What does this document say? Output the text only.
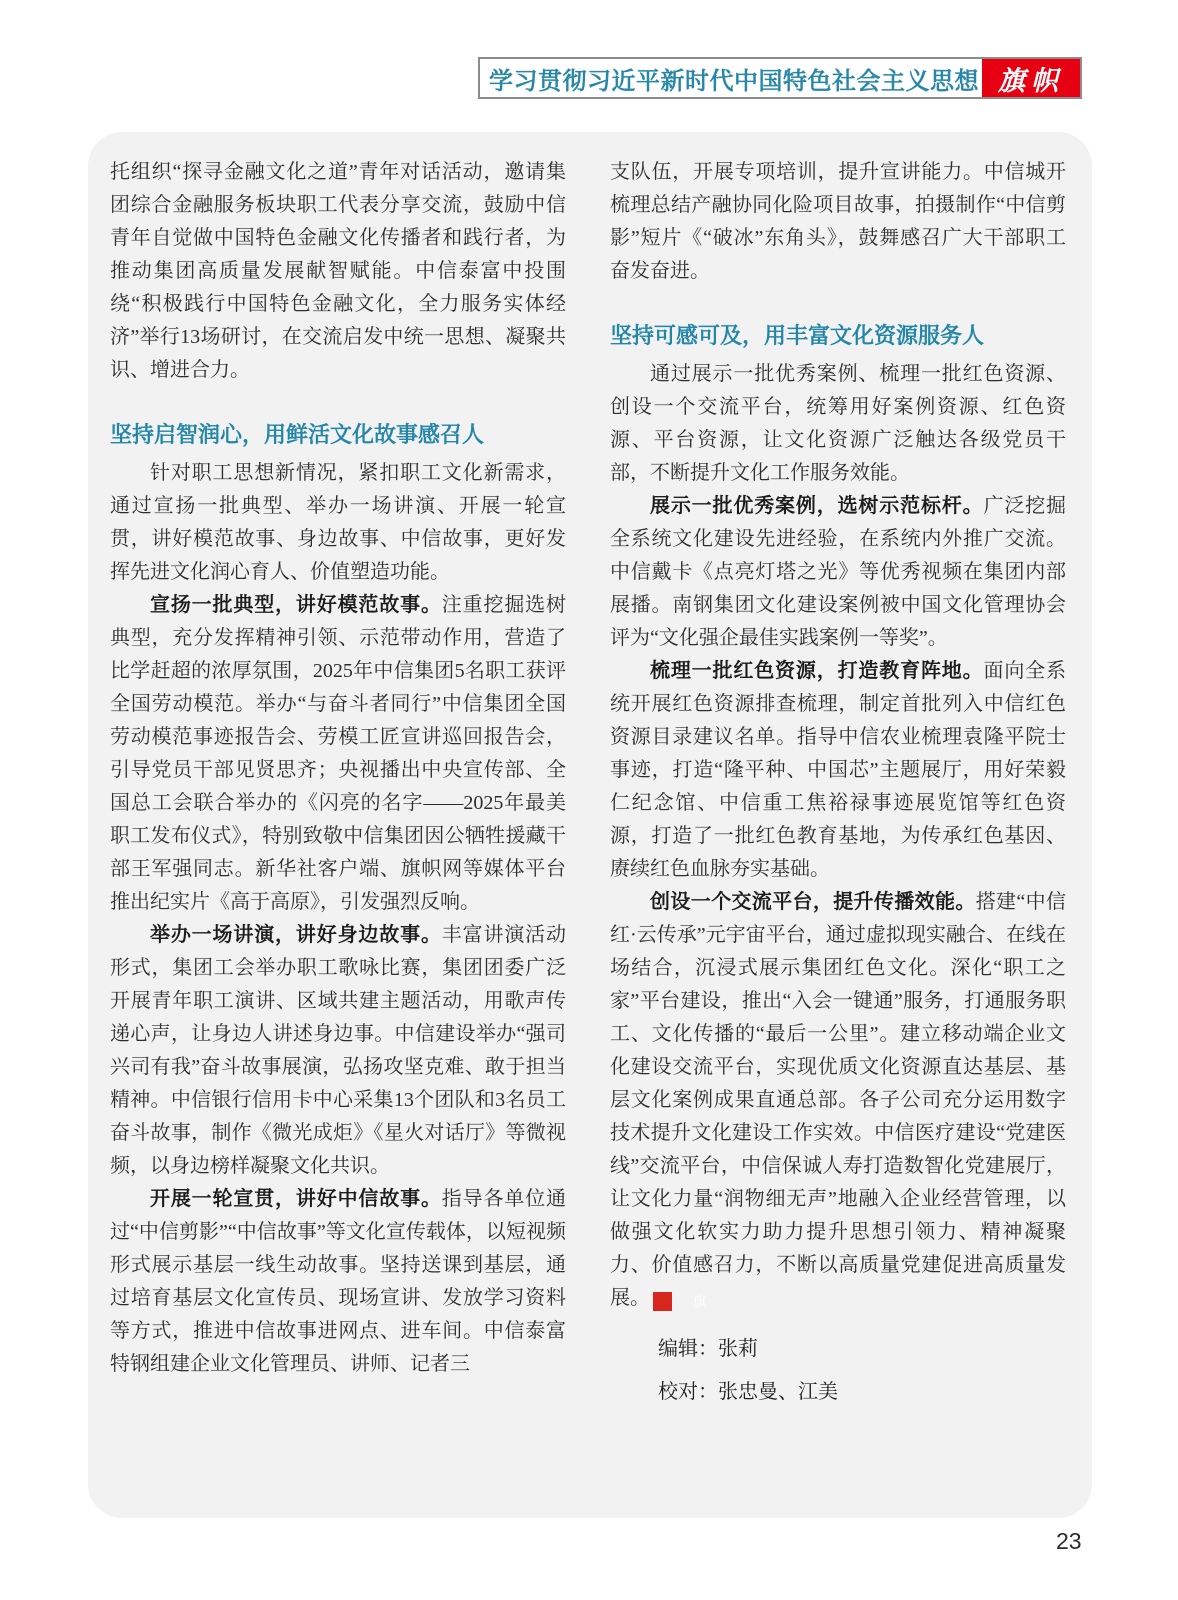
学习贯彻习近平新时代中国特色社会主义思想 旗帜

托组织“探寻金融文化之道”青年对话活动，邀请集团综合金融服务板块职工代表分享交流，鼓励中信青年自觉做中国特色金融文化传播者和践行者，为推动集团高质量发展献智赋能。中信泰富中投围绕“积极践行中国特色金融文化，全力服务实体经济”举行13场研讨，在交流启发中统一思想、凝聚共识、增进合力。

坚持启智润心，用鲜活文化故事感召人

针对职工思想新情况，紧扣职工文化新需求，通过宣扬一批典型、举办一场讲演、开展一轮宣贯，讲好模范故事、身边故事、中信故事，更好发挥先进文化润心育人、价值塑造功能。

宣扬一批典型，讲好模范故事。注重挖掘选树典型，充分发挥精神引领、示范带动作用，营造了比学赶超的浓厚氛围，2025年中信集团5名职工获评全国劳动模范。举办“与奋斗者同行”中信集团全国劳动模范事迹报告会、劳模工匠宣讲巡回报告会，引导党员干部见贤思齐；央视播出中央宣传部、全国总工会联合举办的《闪亮的名字——2025年最美职工发布仪式》，特别致敬中信集团因公牺牲援藏干部王军强同志。新华社客户端、旗帜网等媒体平台推出纪实片《高于高原》，引发强烈反响。

举办一场讲演，讲好身边故事。丰富讲演活动形式，集团工会举办职工歌咏比赛，集团团委广泛开展青年职工演讲、区域共建主题活动，用歌声传递心声，让身边人讲述身边事。中信建设举办“强司兴司有我”奋斗故事展演，弘扬攻坚克难、敢于担当精神。中信银行信用卡中心采集13个团队和3名员工奋斗故事，制作《微光成炬》《星火对话厅》等微视频，以身边榜样凝聚文化共识。

开展一轮宣贯，讲好中信故事。指导各单位通过“中信剪影”“中信故事”等文化宣传载体，以短视频形式展示基层一线生动故事。坚持送课到基层，通过培育基层文化宣传员、现场宣讲、发放学习资料等方式，推进中信故事进网点、进车间。中信泰富特钢组建企业文化管理员、讲师、记者三

支队伍，开展专项培训，提升宣讲能力。中信城开梳理总结产融协同化险项目故事，拍摄制作“中信剪影”短片《“破冰”东角头》，鼓舞感召广大干部职工奋发奋进。

坚持可感可及，用丰富文化资源服务人

通过展示一批优秀案例、梳理一批红色资源、创设一个交流平台，统筹用好案例资源、红色资源、平台资源，让文化资源广泛触达各级党员干部，不断提升文化工作服务效能。

展示一批优秀案例，选树示范标杆。广泛挖掘全系统文化建设先进经验，在系统内外推广交流。中信戴卡《点亮灯塔之光》等优秀视频在集团内部展播。南钢集团文化建设案例被中国文化管理协会评为“文化强企最佳实践案例一等奖”。

梳理一批红色资源，打造教育阵地。面向全系统开展红色资源排查梳理，制定首批列入中信红色资源目录建议名单。指导中信农业梳理袁隆平院士事迹，打造“隆平种、中国芯”主题展厅，用好荣毅仁纪念馆、中信重工焦裕禄事迹展览馆等红色资源，打造了一批红色教育基地，为传承红色基因、赓续红色血脉夯实基础。

创设一个交流平台，提升传播效能。搭建“中信红·云传承”元宇宙平台，通过虚拟现实融合、在线在场结合，沉浸式展示集团红色文化。深化“职工之家”平台建设，推出“入会一键通”服务，打通服务职工、文化传播的“最后一公里”。建立移动端企业文化建设交流平台，实现优质文化资源直达基层、基层文化案例成果直通总部。各子公司充分运用数字技术提升文化建设工作实效。中信医疗建设“党建医线”交流平台，中信保诚人寿打造数智化党建展厅，让文化力量“润物细无声”地融入企业经营管理，以做强文化软实力助力提升思想引领力、精神凝聚力、价值感召力，不断以高质量党建促进高质量发展。	旗

编辑：张莉

校对：张忠曼、江美

23
